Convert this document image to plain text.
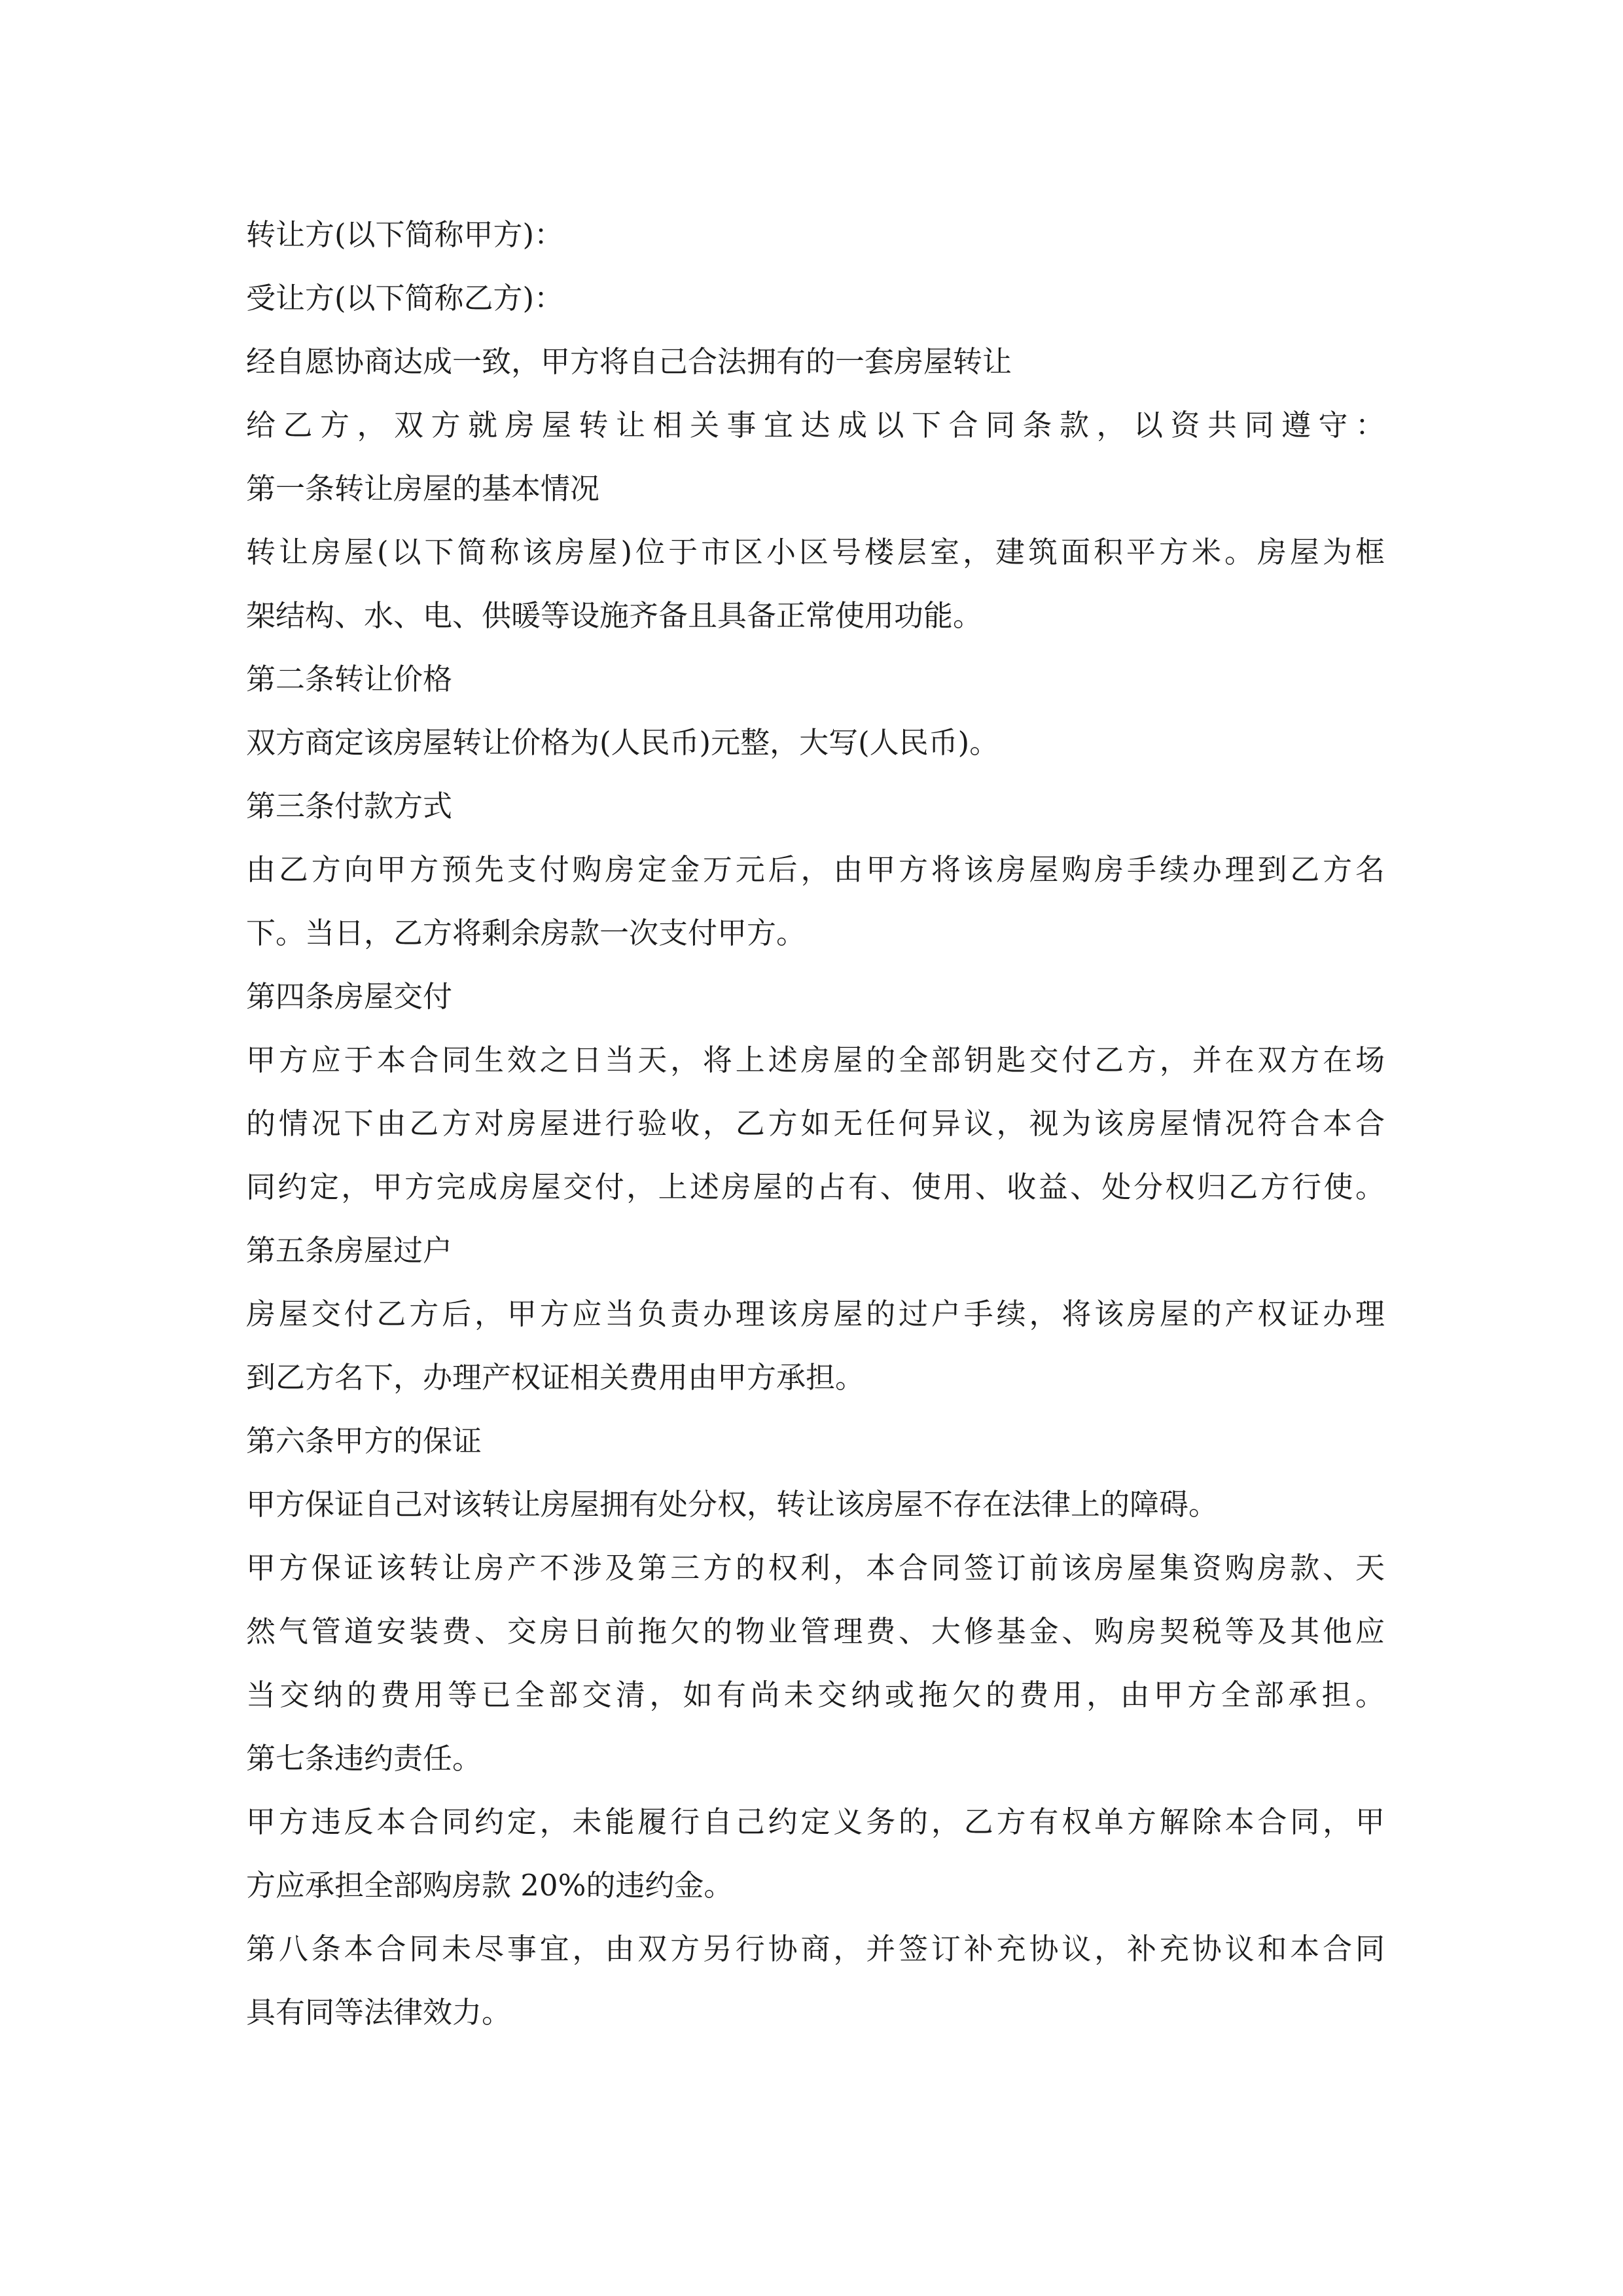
转让方(以下简称甲方)：
受让方(以下简称乙方)：
经自愿协商达成一致，甲方将自己合法拥有的一套房屋转让
给乙方，双方就房屋转让相关事宜达成以下合同条款，以资共同遵守：
第一条转让房屋的基本情况
转让房屋(以下简称该房屋)位于市区小区号楼层室，建筑面积平方米。房屋为框
架结构、水、电、供暖等设施齐备且具备正常使用功能。
第二条转让价格
双方商定该房屋转让价格为(人民币)元整，大写(人民币)。
第三条付款方式
由乙方向甲方预先支付购房定金万元后，由甲方将该房屋购房手续办理到乙方名
下。当日，乙方将剩余房款一次支付甲方。
第四条房屋交付
甲方应于本合同生效之日当天，将上述房屋的全部钥匙交付乙方，并在双方在场
的情况下由乙方对房屋进行验收，乙方如无任何异议，视为该房屋情况符合本合
同约定，甲方完成房屋交付，上述房屋的占有、使用、收益、处分权归乙方行使。
第五条房屋过户
房屋交付乙方后，甲方应当负责办理该房屋的过户手续，将该房屋的产权证办理
到乙方名下，办理产权证相关费用由甲方承担。
第六条甲方的保证
甲方保证自己对该转让房屋拥有处分权，转让该房屋不存在法律上的障碍。
甲方保证该转让房产不涉及第三方的权利，本合同签订前该房屋集资购房款、天
然气管道安装费、交房日前拖欠的物业管理费、大修基金、购房契税等及其他应
当交纳的费用等已全部交清，如有尚未交纳或拖欠的费用，由甲方全部承担。
第七条违约责任。
甲方违反本合同约定，未能履行自己约定义务的，乙方有权单方解除本合同，甲
方应承担全部购房款 20%的违约金。
第八条本合同未尽事宜，由双方另行协商，并签订补充协议，补充协议和本合同
具有同等法律效力。
